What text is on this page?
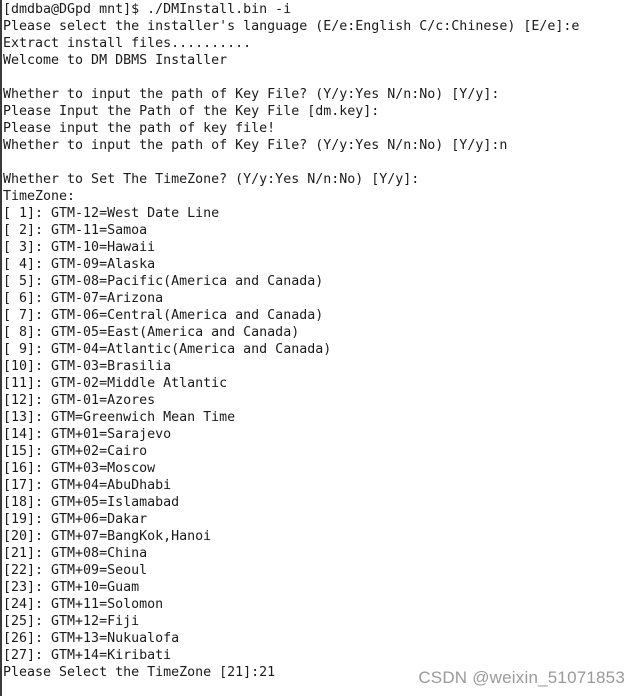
[dmdba@DGpd mnt]$ ./DMInstall.bin -i
Please select the installer's language (E/e:English C/c:Chinese) [E/e]:e
Extract install files..........
Welcome to DM DBMS Installer
Whether to input the path of Key File? (Y/y:Yes N/n:No) [Y/y]:
Please Input the Path of the Key File [dm.key]:
Please input the path of key file!
Whether to input the path of Key File? (Y/y:Yes N/n:No) [Y/y]:n
Whether to Set The TimeZone? (Y/y:Yes N/n:No) [Y/y]:
TimeZone:
[ 1]: GTM-12=West Date Line
[ 2]: GTM-11=Samoa
[ 3]: GTM-10=Hawaii
[ 4]: GTM-09=Alaska
[ 5]: GTM-08=Pacific(America and Canada)
[ 6]: GTM-07=Arizona
[ 7]: GTM-06=Central(America and Canada)
[ 8]: GTM-05=East(America and Canada)
[ 9]: GTM-04=Atlantic(America and Canada)
[10]: GTM-03=Brasilia
[11]: GTM-02=Middle Atlantic
[12]: GTM-01=Azores
[13]: GTM=Greenwich Mean Time
[14]: GTM+01=Sarajevo
[15]: GTM+02=Cairo
[16]: GTM+03=Moscow
[17]: GTM+04=AbuDhabi
[18]: GTM+05=Islamabad
[19]: GTM+06=Dakar
[20]: GTM+07=BangKok,Hanoi
[21]: GTM+08=China
[22]: GTM+09=Seoul
[23]: GTM+10=Guam
[24]: GTM+11=Solomon
[25]: GTM+12=Fiji
[26]: GTM+13=Nukualofa
[27]: GTM+14=Kiribati
Please Select the TimeZone [21]:21	CSDN @weixin_51071853
